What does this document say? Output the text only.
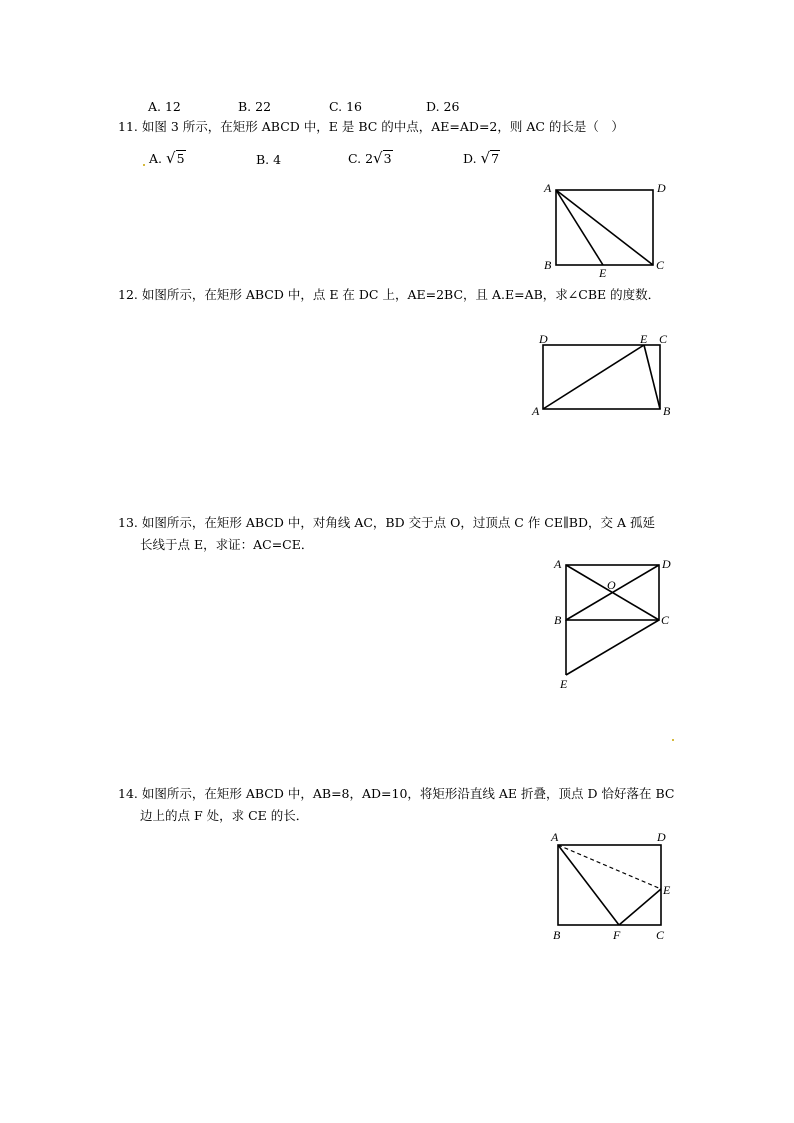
A. 12	B. 22	C. 16	D. 26
11. 如图 3 所示，在矩形 ABCD 中，E 是 BC 的中点，AE=AD=2，则 AC 的长是（　）
A. √5	B. 4	C. 2√3	D. √7
A	D
B
E
C
12. 如图所示，在矩形 ABCD 中，点 E 在 DC 上，AE=2BC，且 A.E=AB，求∠CBE 的度数．
D	E C
A	B
13. 如图所示，在矩形 ABCD 中，对角线 AC，BD 交于点 O，过顶点 C 作 CE∥BD，交 A 孤延
长线于点 E，求证：AC=CE．
A	D
O
B	C
E
14. 如图所示，在矩形 ABCD 中，AB=8，AD=10，将矩形沿直线 AE 折叠，顶点 D 恰好落在 BC
边上的点 F 处，求 CE 的长．
A	D
E
B	F	C
